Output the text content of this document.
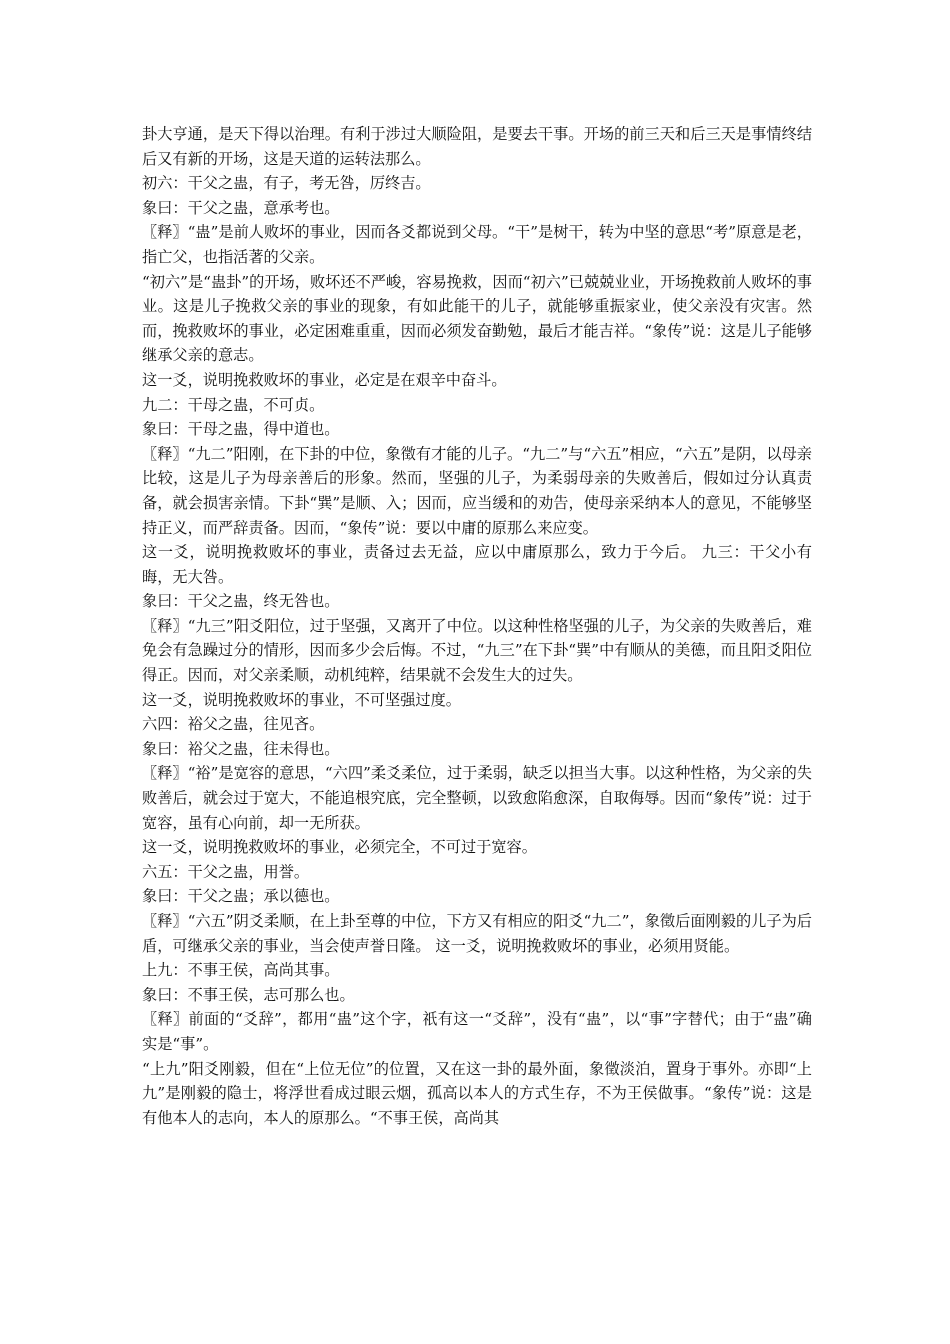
卦大亨通，是天下得以治理。有利于涉过大顺险阻，是要去干事。开场的前三天和后三天是事情终结后又有新的开场，这是天道的运转法那么。

初六：干父之蛊，有子，考无咎，厉终吉。

象曰：干父之蛊，意承考也。

〖释〗“蛊”是前人败坏的事业，因而各爻都说到父母。“干”是树干，转为中坚的意思“考”原意是老，指亡父，也指活著的父亲。

“初六”是“蛊卦”的开场，败坏还不严峻，容易挽救，因而“初六”已兢兢业业，开场挽救前人败坏的事业。这是儿子挽救父亲的事业的现象，有如此能干的儿子，就能够重振家业，使父亲没有灾害。然而，挽救败坏的事业，必定困难重重，因而必须发奋勤勉，最后才能吉祥。“象传”说：这是儿子能够继承父亲的意志。

这一爻，说明挽救败坏的事业，必定是在艰辛中奋斗。

九二：干母之蛊，不可贞。

象曰：干母之蛊，得中道也。

〖释〗“九二”阳刚，在下卦的中位，象徵有才能的儿子。“九二”与“六五”相应，“六五”是阴，以母亲比较，这是儿子为母亲善后的形象。然而，坚强的儿子，为柔弱母亲的失败善后，假如过分认真责备，就会损害亲情。下卦“巽”是顺、入；因而，应当缓和的劝告，使母亲采纳本人的意见，不能够坚持正义，而严辞责备。因而，“象传”说：要以中庸的原那么来应变。

这一爻，说明挽救败坏的事业，责备过去无益，应以中庸原那么，致力于今后。 九三：干父小有晦，无大咎。

象曰：干父之蛊，终无咎也。

〖释〗“九三”阳爻阳位，过于坚强，又离开了中位。以这种性格坚强的儿子，为父亲的失败善后，难免会有急躁过分的情形，因而多少会后悔。不过，“九三”在下卦“巽”中有顺从的美德，而且阳爻阳位得正。因而，对父亲柔顺，动机纯粹，结果就不会发生大的过失。

这一爻，说明挽救败坏的事业，不可坚强过度。

六四：裕父之蛊，往见吝。

象曰：裕父之蛊，往未得也。

〖释〗“裕”是宽容的意思，“六四”柔爻柔位，过于柔弱，缺乏以担当大事。以这种性格，为父亲的失败善后，就会过于宽大，不能追根究底，完全整顿，以致愈陷愈深，自取侮辱。因而“象传”说：过于宽容，虽有心向前，却一无所获。

这一爻，说明挽救败坏的事业，必须完全，不可过于宽容。

六五：干父之蛊，用誉。

象曰：干父之蛊；承以德也。

〖释〗“六五”阴爻柔顺，在上卦至尊的中位，下方又有相应的阳爻“九二”，象徵后面刚毅的儿子为后盾，可继承父亲的事业，当会使声誉日隆。 这一爻，说明挽救败坏的事业，必须用贤能。

上九：不事王侯，高尚其事。

象曰：不事王侯，志可那么也。

〖释〗前面的“爻辞”，都用“蛊”这个字，祇有这一“爻辞”，没有“蛊”，以“事”字替代；由于“蛊”确实是“事”。

“上九”阳爻刚毅，但在“上位无位”的位置，又在这一卦的最外面，象徵淡泊，置身于事外。亦即“上九”是刚毅的隐士，将浮世看成过眼云烟，孤高以本人的方式生存，不为王侯做事。“象传”说：这是有他本人的志向，本人的原那么。“不事王侯，高尚其
